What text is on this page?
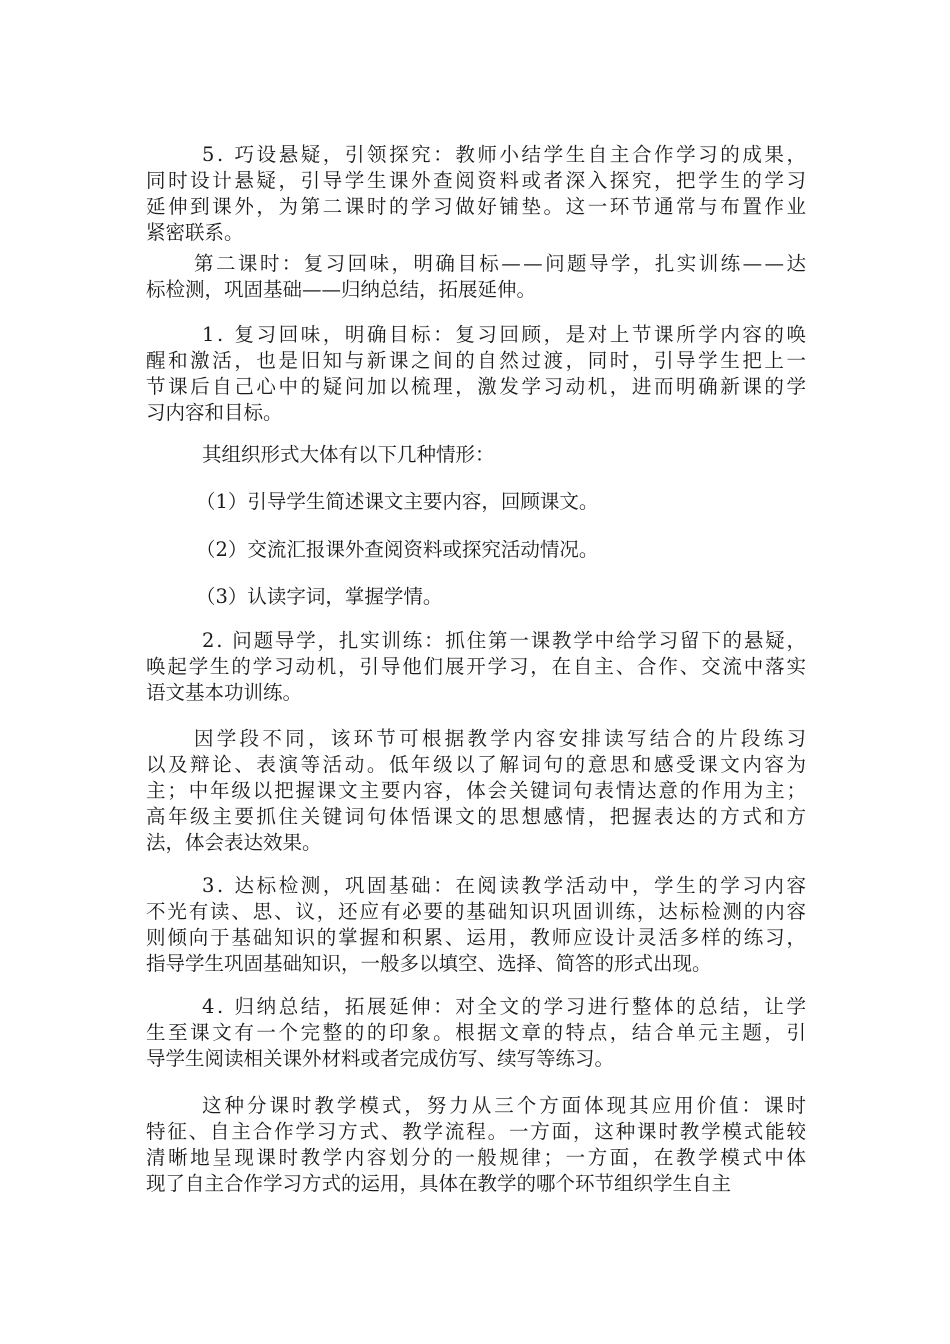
5. 巧设悬疑，引领探究：教师小结学生自主合作学习的成果，
同时设计悬疑，引导学生课外查阅资料或者深入探究，把学生的学习
延伸到课外，为第二课时的学习做好铺垫。这一环节通常与布置作业
紧密联系。
第二课时：复习回味，明确目标——问题导学，扎实训练——达
标检测，巩固基础——归纳总结，拓展延伸。
1. 复习回味，明确目标：复习回顾，是对上节课所学内容的唤
醒和激活，也是旧知与新课之间的自然过渡，同时，引导学生把上一
节课后自己心中的疑问加以梳理，激发学习动机，进而明确新课的学
习内容和目标。
其组织形式大体有以下几种情形：
（1）引导学生简述课文主要内容，回顾课文。
（2）交流汇报课外查阅资料或探究活动情况。
（3）认读字词，掌握学情。
2. 问题导学，扎实训练：抓住第一课教学中给学习留下的悬疑，
唤起学生的学习动机，引导他们展开学习，在自主、合作、交流中落实
语文基本功训练。
因学段不同，该环节可根据教学内容安排读写结合的片段练习
以及辩论、表演等活动。低年级以了解词句的意思和感受课文内容为
主；中年级以把握课文主要内容，体会关键词句表情达意的作用为主；
高年级主要抓住关键词句体悟课文的思想感情，把握表达的方式和方
法，体会表达效果。
3. 达标检测，巩固基础：在阅读教学活动中，学生的学习内容
不光有读、思、议，还应有必要的基础知识巩固训练，达标检测的内容
则倾向于基础知识的掌握和积累、运用，教师应设计灵活多样的练习，
指导学生巩固基础知识，一般多以填空、选择、简答的形式出现。
4. 归纳总结，拓展延伸：对全文的学习进行整体的总结，让学
生至课文有一个完整的的印象。根据文章的特点，结合单元主题，引
导学生阅读相关课外材料或者完成仿写、续写等练习。
这种分课时教学模式，努力从三个方面体现其应用价值：课时
特征、自主合作学习方式、教学流程。一方面，这种课时教学模式能较
清晰地呈现课时教学内容划分的一般规律；一方面，在教学模式中体
现了自主合作学习方式的运用，具体在教学的哪个环节组织学生自主
